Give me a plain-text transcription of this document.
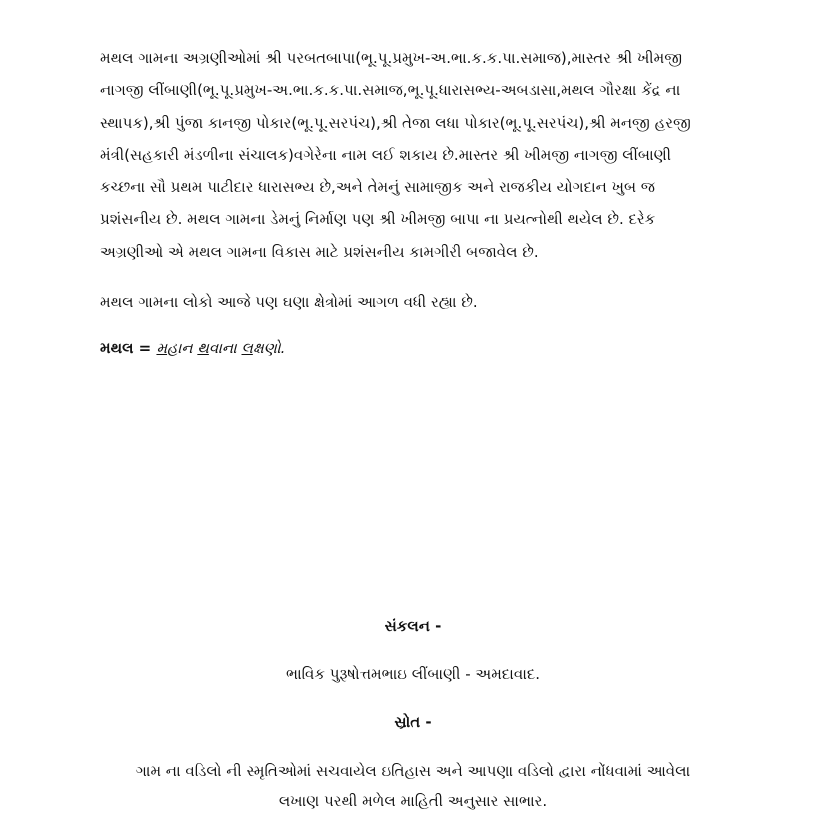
મથલ ગામના અગ્રણીઓમાં શ્રી પરબતબાપા(ભૂ.પૂ.પ્રમુખ-અ.ભા.ક.ક.પા.સમાજ),માસ્તર શ્રી ખીમજી
નાગજી લીંબાણી(ભૂ.પૂ.પ્રમુખ-અ.ભા.ક.ક.પા.સમાજ,ભૂ.પૂ.ધારાસભ્ય-અબડાસા,મથલ ગૌરક્ષા કેંદ્ર ના
સ્થાપક),શ્રી પુંજા કાનજી પોકાર(ભૂ.પૂ.સરપંચ),શ્રી તેજા લધા પોકાર(ભૂ.પૂ.સરપંચ),શ્રી મનજી હરજી
મંત્રી(સહકારી મંડળીના સંચાલક)વગેરેના નામ લઈ શકાય છે.માસ્તર શ્રી ખીમજી નાગજી લીંબાણી
કચ્છના સૌ પ્રથમ પાટીદાર ધારાસભ્ય છે,અને તેમનું સામાજીક અને રાજકીય યોગદાન ખુબ જ
પ્રશંસનીય છે. મથલ ગામના ડેમનું નિર્માણ પણ શ્રી ખીમજી બાપા ના પ્રયત્નોથી થયેલ છે. દરેક
અગ્રણીઓ એ મથલ ગામના વિકાસ માટે પ્રશંસનીય કામગીરી બજાવેલ છે.
મથલ ગામના લોકો આજે પણ ઘણા ક્ષેત્રોમાં આગળ વધી રહ્યા છે.
મથલ = મહાન થવાના લક્ષણો.
સંકલન -
ભાવિક પુરૂષોત્તમભાઇ લીંબાણી - અમદાવાદ.
સ્રોત -
ગામ ના વડિલો ની સ્મૃતિઓમાં સચવાયેલ ઇતિહાસ અને આપણા વડિલો દ્વારા નોંધવામાં આવેલા
લખાણ પરથી મળેલ માહિતી અનુસાર સાભાર.
